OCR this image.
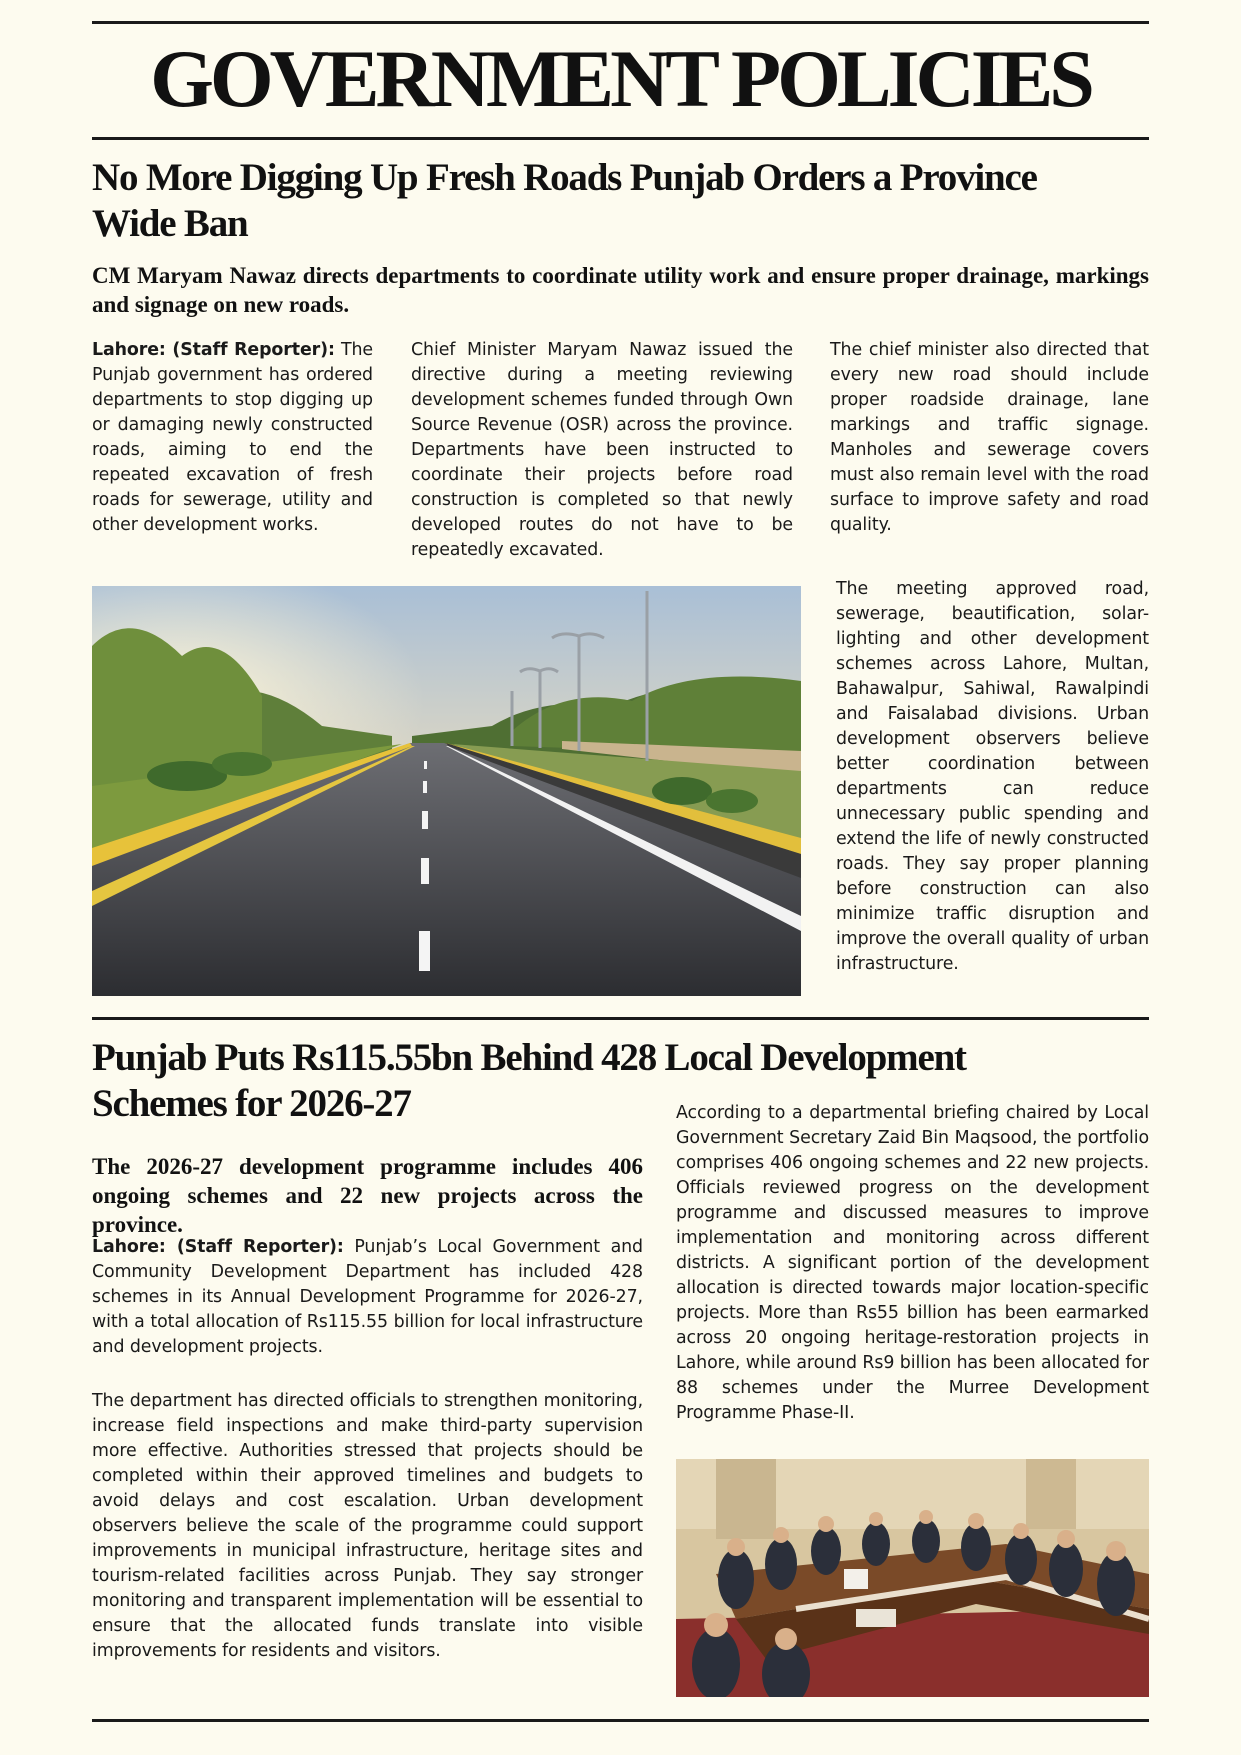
GOVERNMENT POLICIES
No More Digging Up Fresh Roads Punjab Orders a Province Wide Ban
CM Maryam Nawaz directs departments to coordinate utility work and ensure proper drainage, markings and signage on new roads.

Lahore: (Staff Reporter): The Punjab government has ordered departments to stop digging up or damaging newly constructed roads, aiming to end the repeated excavation of fresh roads for sewerage, utility and other development works.

Chief Minister Maryam Nawaz issued the directive during a meeting reviewing development schemes funded through Own Source Revenue (OSR) across the province. Departments have been instructed to coordinate their projects before road construction is completed so that newly developed routes do not have to be repeatedly excavated.

The chief minister also directed that every new road should include proper roadside drainage, lane markings and traffic signage. Manholes and sewerage covers must also remain level with the road surface to improve safety and road quality.

The meeting approved road, sewerage, beautification, solar-lighting and other development schemes across Lahore, Multan, Bahawalpur, Sahiwal, Rawalpindi and Faisalabad divisions. Urban development observers believe better coordination between departments can reduce unnecessary public spending and extend the life of newly constructed roads. They say proper planning before construction can also minimize traffic disruption and improve the overall quality of urban infrastructure.

Punjab Puts Rs115.55bn Behind 428 Local Development Schemes for 2026-27
The 2026-27 development programme includes 406 ongoing schemes and 22 new projects across the province.

Lahore: (Staff Reporter): Punjab’s Local Government and Community Development Department has included 428 schemes in its Annual Development Programme for 2026-27, with a total allocation of Rs115.55 billion for local infrastructure and development projects.

The department has directed officials to strengthen monitoring, increase field inspections and make third-party supervision more effective. Authorities stressed that projects should be completed within their approved timelines and budgets to avoid delays and cost escalation. Urban development observers believe the scale of the programme could support improvements in municipal infrastructure, heritage sites and tourism-related facilities across Punjab. They say stronger monitoring and transparent implementation will be essential to ensure that the allocated funds translate into visible improvements for residents and visitors.

According to a departmental briefing chaired by Local Government Secretary Zaid Bin Maqsood, the portfolio comprises 406 ongoing schemes and 22 new projects. Officials reviewed progress on the development programme and discussed measures to improve implementation and monitoring across different districts. A significant portion of the development allocation is directed towards major location-specific projects. More than Rs55 billion has been earmarked across 20 ongoing heritage-restoration projects in Lahore, while around Rs9 billion has been allocated for 88 schemes under the Murree Development Programme Phase-II.
